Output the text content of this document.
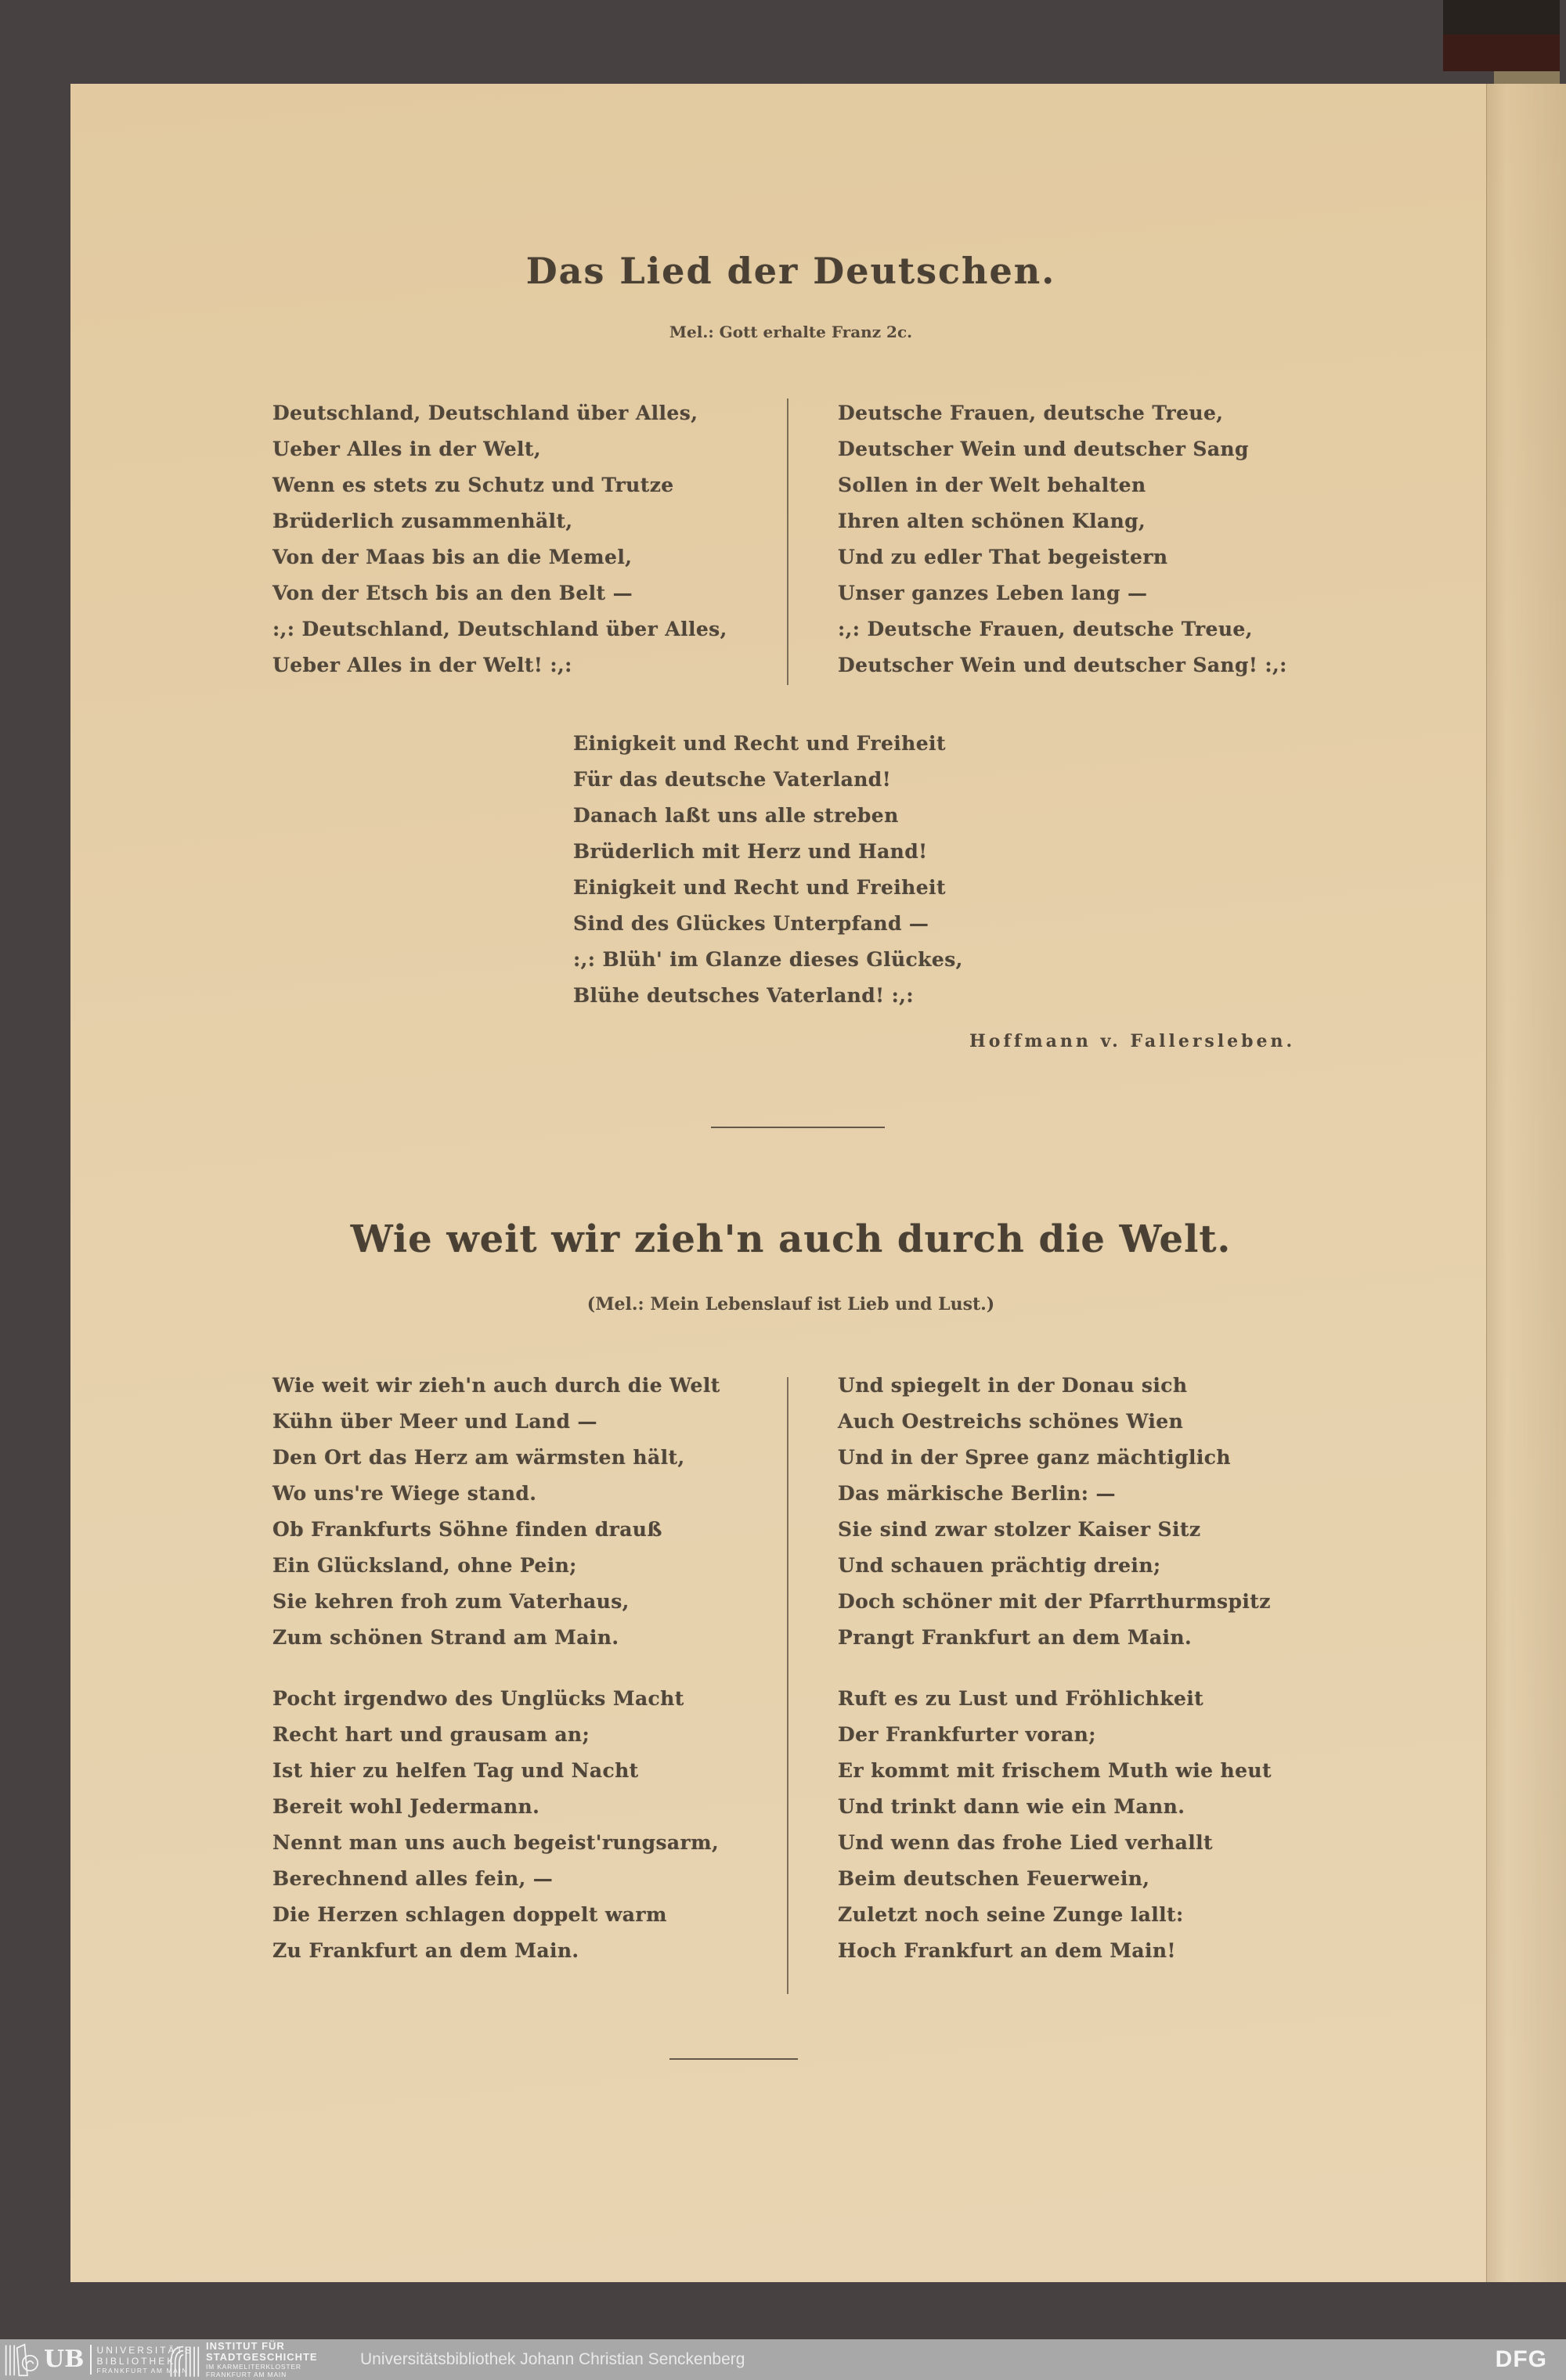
Das Lied der Deutschen.
Mel.: Gott erhalte Franz 2c.
Deutschland, Deutschland über Alles,
Ueber Alles in der Welt,
Wenn es stets zu Schutz und Trutze
Brüderlich zusammenhält,
Von der Maas bis an die Memel,
Von der Etsch bis an den Belt —
:,: Deutschland, Deutschland über Alles,
Ueber Alles in der Welt! :,:
Deutsche Frauen, deutsche Treue,
Deutscher Wein und deutscher Sang
Sollen in der Welt behalten
Ihren alten schönen Klang,
Und zu edler That begeistern
Unser ganzes Leben lang —
:,: Deutsche Frauen, deutsche Treue,
Deutscher Wein und deutscher Sang! :,:
Einigkeit und Recht und Freiheit
Für das deutsche Vaterland!
Danach laßt uns alle streben
Brüderlich mit Herz und Hand!
Einigkeit und Recht und Freiheit
Sind des Glückes Unterpfand —
:,: Blüh' im Glanze dieses Glückes,
Blühe deutsches Vaterland! :,:
Hoffmann v. Fallersleben.
Wie weit wir zieh'n auch durch die Welt.
(Mel.: Mein Lebenslauf ist Lieb und Lust.)
Wie weit wir zieh'n auch durch die Welt
Kühn über Meer und Land —
Den Ort das Herz am wärmsten hält,
Wo uns're Wiege stand.
Ob Frankfurts Söhne finden drauß
Ein Glücksland, ohne Pein;
Sie kehren froh zum Vaterhaus,
Zum schönen Strand am Main.
Und spiegelt in der Donau sich
Auch Oestreichs schönes Wien
Und in der Spree ganz mächtiglich
Das märkische Berlin: —
Sie sind zwar stolzer Kaiser Sitz
Und schauen prächtig drein;
Doch schöner mit der Pfarrthurmspitz
Prangt Frankfurt an dem Main.
Pocht irgendwo des Unglücks Macht
Recht hart und grausam an;
Ist hier zu helfen Tag und Nacht
Bereit wohl Jedermann.
Nennt man uns auch begeist'rungsarm,
Berechnend alles fein, —
Die Herzen schlagen doppelt warm
Zu Frankfurt an dem Main.
Ruft es zu Lust und Fröhlichkeit
Der Frankfurter voran;
Er kommt mit frischem Muth wie heut
Und trinkt dann wie ein Mann.
Und wenn das frohe Lied verhallt
Beim deutschen Feuerwein,
Zuletzt noch seine Zunge lallt:
Hoch Frankfurt an dem Main!
UB UNIVERSITÄTS
BIBLIOTHEK
FRANKFURT AM MAIN
INSTITUT FÜR
STADTGESCHICHTE
IM KARMELITERKLOSTER
FRANKFURT AM MAIN
Universitätsbibliothek Johann Christian Senckenberg	DFG
